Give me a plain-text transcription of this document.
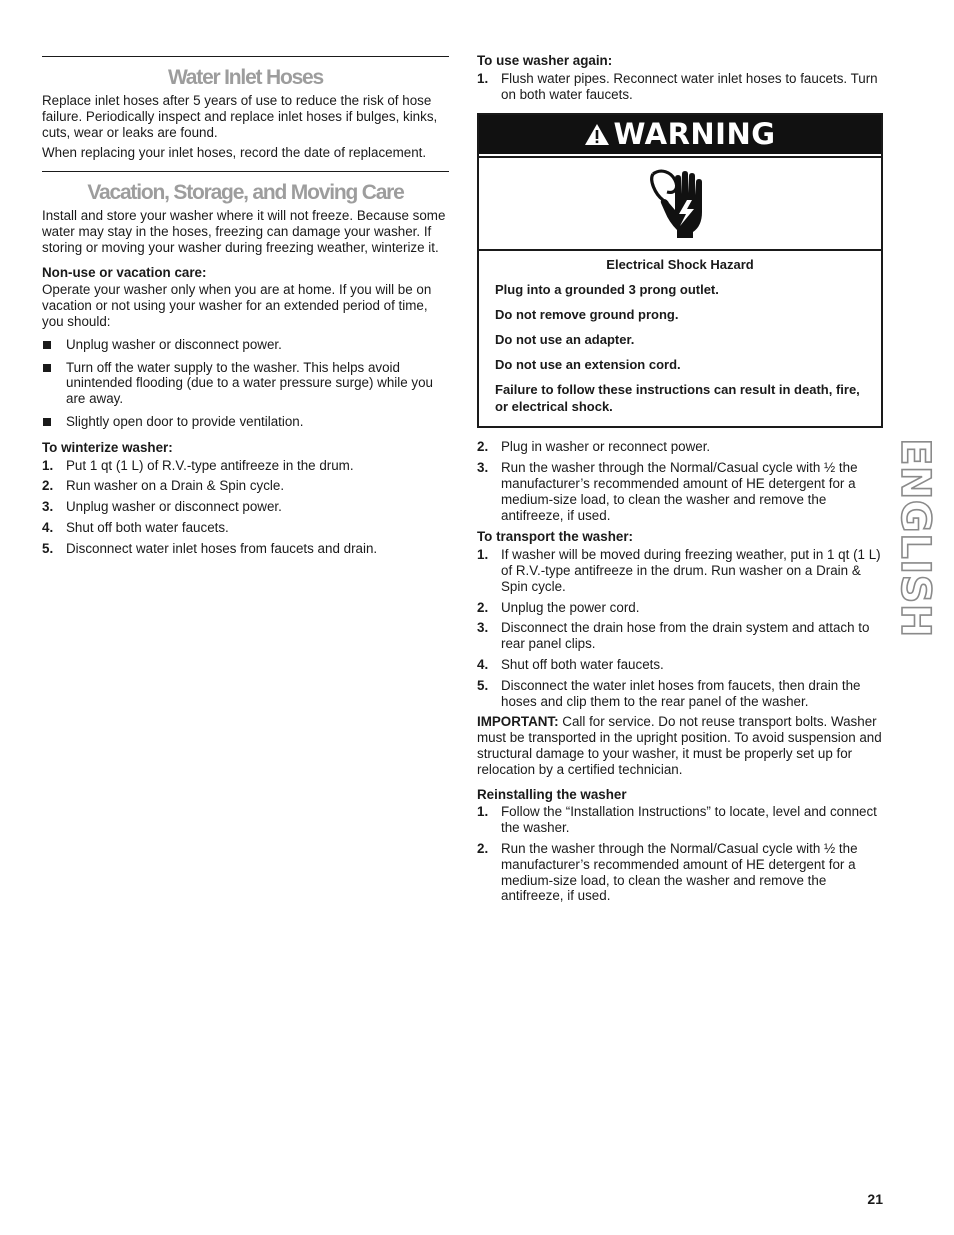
Water Inlet Hoses

Replace inlet hoses after 5 years of use to reduce the risk of hose failure. Periodically inspect and replace inlet hoses if bulges, kinks, cuts, wear or leaks are found.

When replacing your inlet hoses, record the date of replacement.

Vacation, Storage, and Moving Care

Install and store your washer where it will not freeze. Because some water may stay in the hoses, freezing can damage your washer. If storing or moving your washer during freezing weather, winterize it.

Non-use or vacation care:

Operate your washer only when you are at home. If you will be on vacation or not using your washer for an extended period of time, you should:

Unplug washer or disconnect power.
Turn off the water supply to the washer. This helps avoid unintended flooding (due to a water pressure surge) while you are away.
Slightly open door to provide ventilation.
To winterize washer:
1. Put 1 qt (1 L) of R.V.-type antifreeze in the drum.
2. Run washer on a Drain & Spin cycle.
3. Unplug washer or disconnect power.
4. Shut off both water faucets.
5. Disconnect water inlet hoses from faucets and drain.
To use washer again:
1. Flush water pipes. Reconnect water inlet hoses to faucets. Turn on both water faucets.
WARNING

Electrical Shock Hazard

Plug into a grounded 3 prong outlet.

Do not remove ground prong.

Do not use an adapter.

Do not use an extension cord.

Failure to follow these instructions can result in death, fire, or electrical shock.

2. Plug in washer or reconnect power.
3. Run the washer through the Normal/Casual cycle with ½ the manufacturer’s recommended amount of HE detergent for a medium-size load, to clean the washer and remove the antifreeze, if used.
To transport the washer:
1. If washer will be moved during freezing weather, put in 1 qt (1 L) of R.V.-type antifreeze in the drum. Run washer on a Drain & Spin cycle.
2. Unplug the power cord.
3. Disconnect the drain hose from the drain system and attach to rear panel clips.
4. Shut off both water faucets.
5. Disconnect the water inlet hoses from faucets, then drain the hoses and clip them to the rear panel of the washer.

IMPORTANT: Call for service. Do not reuse transport bolts. Washer must be transported in the upright position. To avoid suspension and structural damage to your washer, it must be properly set up for relocation by a certified technician.

Reinstalling the washer
1. Follow the “Installation Instructions” to locate, level and connect the washer.
2. Run the washer through the Normal/Casual cycle with ½ the manufacturer’s recommended amount of HE detergent for a medium-size load, to clean the washer and remove the antifreeze, if used.
ENGLISH
21
